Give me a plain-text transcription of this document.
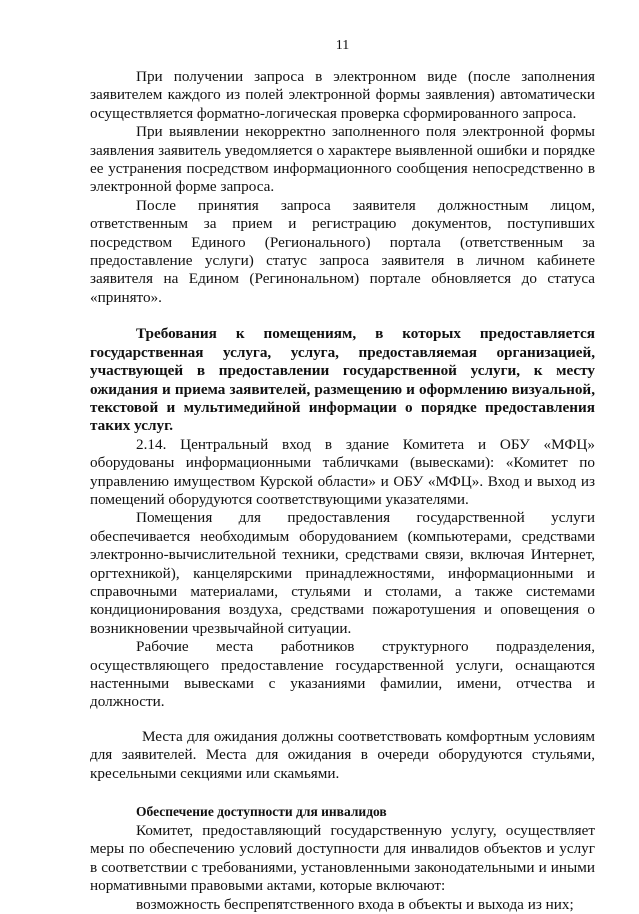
11

При получении запроса в электронном виде (после заполнения заявителем каждого из полей электронной формы заявления) автоматически осуществляется форматно-логическая проверка сформированного запроса.

При выявлении некорректно заполненного поля электронной формы заявления заявитель уведомляется о характере выявленной ошибки и порядке ее устранения посредством информационного сообщения непосредственно в электронной форме запроса.

После принятия запроса заявителя должностным лицом, ответственным за прием и регистрацию документов, поступивших посредством Единого (Регионального) портала (ответственным за предоставление услуги) статус запроса заявителя в личном кабинете заявителя на Едином (Регинональном) портале обновляется до статуса «принято».

Требования к помещениям, в которых предоставляется государственная услуга, услуга, предоставляемая организацией, участвующей в предоставлении государственной услуги, к месту ожидания и приема заявителей, размещению и оформлению визуальной, текстовой и мультимедийной информации о порядке предоставления таких услуг.

2.14. Центральный вход в здание Комитета и ОБУ «МФЦ» оборудованы информационными табличками (вывесками): «Комитет по управлению имуществом Курской области» и ОБУ «МФЦ». Вход и выход из помещений оборудуются соответствующими указателями.

Помещения для предоставления государственной услуги обеспечивается необходимым оборудованием (компьютерами, средствами электронно-вычислительной техники, средствами связи, включая Интернет, оргтехникой), канцелярскими принадлежностями, информационными и справочными материалами, стульями и столами, а также системами кондиционирования воздуха, средствами пожаротушения и оповещения о возникновении чрезвычайной ситуации.

Рабочие места работников структурного подразделения, осуществляющего предоставление государственной услуги, оснащаются настенными вывесками с указаниями фамилии, имени, отчества и должности.

Места для ожидания должны соответствовать комфортным условиям для заявителей. Места для ожидания в очереди оборудуются стульями, кресельными секциями или скамьями.

Обеспечение доступности для инвалидов

Комитет, предоставляющий государственную услугу, осуществляет меры по обеспечению условий доступности для инвалидов объектов и услуг в соответствии с требованиями, установленными законодательными и иными нормативными правовыми актами, которые включают:

возможность беспрепятственного входа в объекты и выхода из них;
